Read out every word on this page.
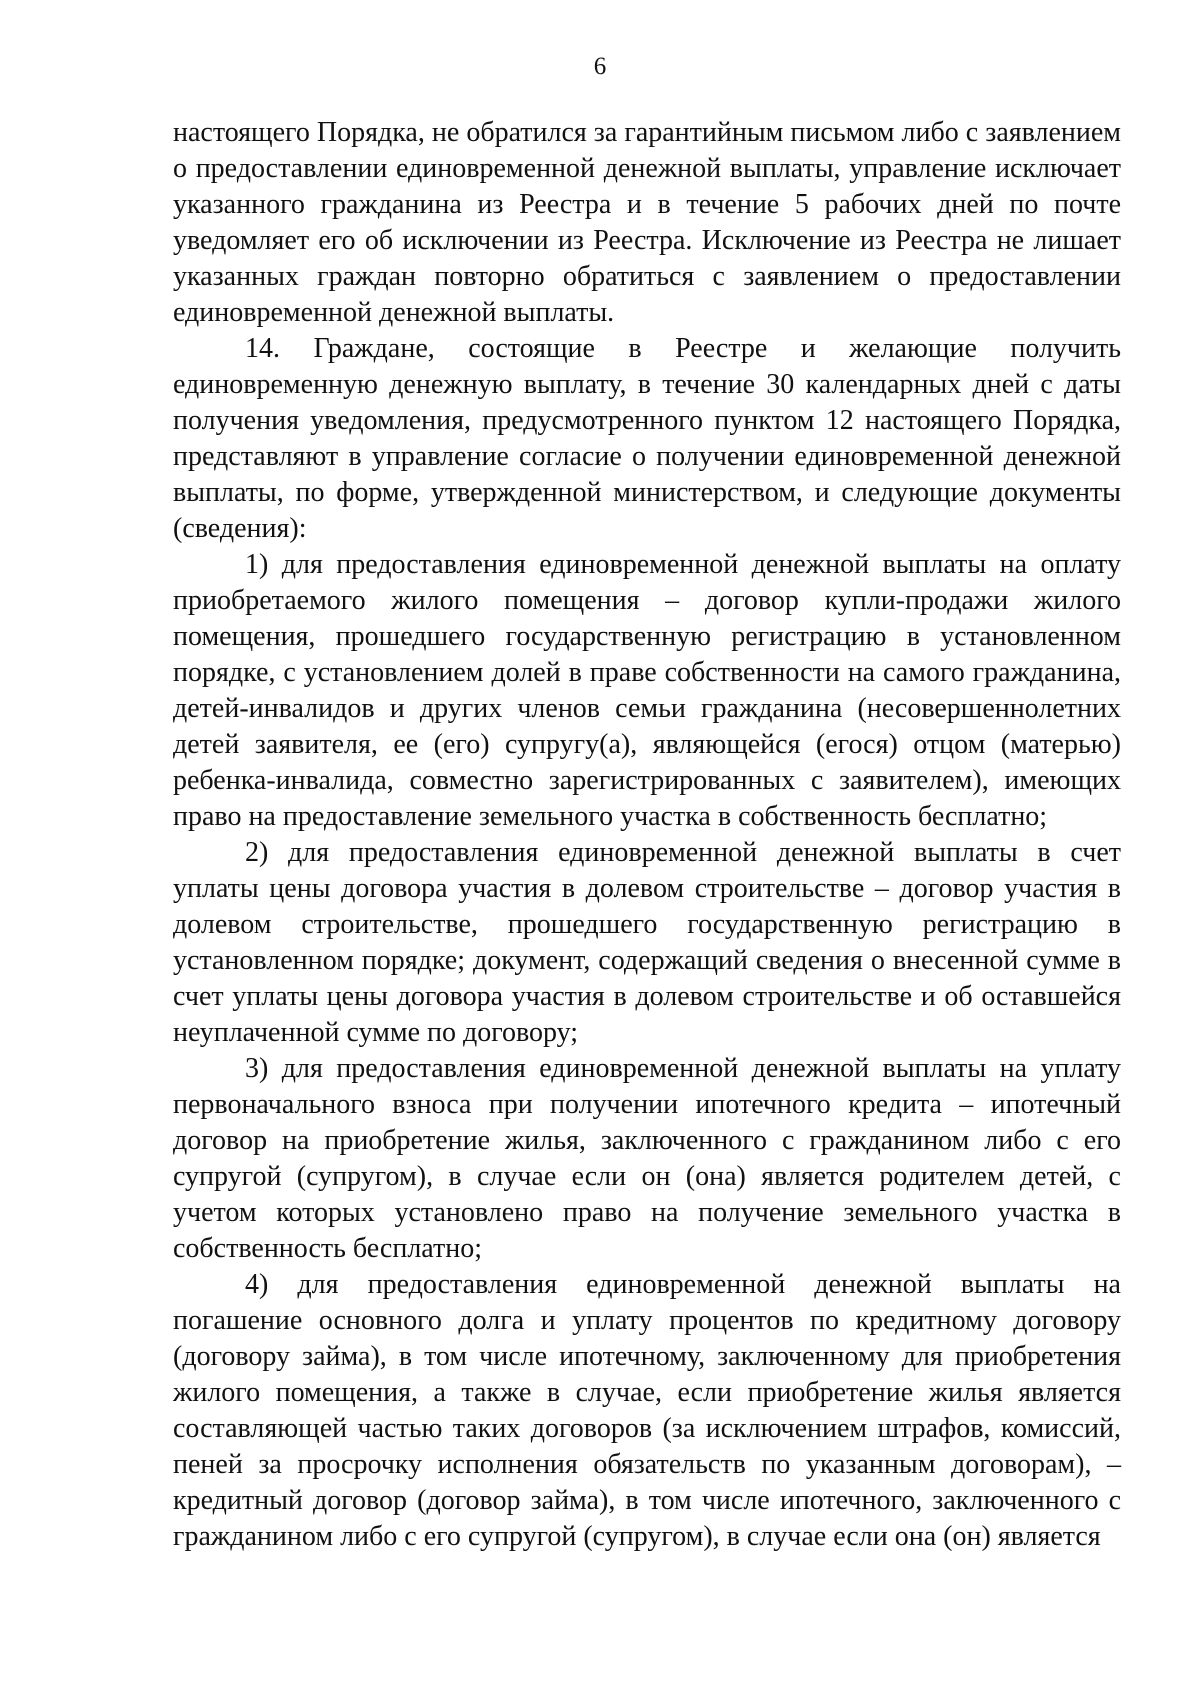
6

настоящего Порядка, не обратился за гарантийным письмом либо с заявлением о предоставлении единовременной денежной выплаты, управление исключает указанного гражданина из Реестра и в течение 5 рабочих дней по почте уведомляет его об исключении из Реестра. Исключение из Реестра не лишает указанных граждан повторно обратиться с заявлением о предоставлении единовременной денежной выплаты.

14. Граждане, состоящие в Реестре и желающие получить единовременную денежную выплату, в течение 30 календарных дней с даты получения уведомления, предусмотренного пунктом 12 настоящего Порядка, представляют в управление согласие о получении единовременной денежной выплаты, по форме, утвержденной министерством, и следующие документы (сведения):

1) для предоставления единовременной денежной выплаты на оплату приобретаемого жилого помещения – договор купли-продажи жилого помещения, прошедшего государственную регистрацию в установленном порядке, с установлением долей в праве собственности на самого гражданина, детей-инвалидов и других членов семьи гражданина (несовершеннолетних детей заявителя, ее (его) супругу(а), являющейся (егося) отцом (матерью) ребенка-инвалида, совместно зарегистрированных с заявителем), имеющих право на предоставление земельного участка в собственность бесплатно;

2) для предоставления единовременной денежной выплаты в счет уплаты цены договора участия в долевом строительстве – договор участия в долевом строительстве, прошедшего государственную регистрацию в установленном порядке; документ, содержащий сведения о внесенной сумме в счет уплаты цены договора участия в долевом строительстве и об оставшейся неуплаченной сумме по договору;

3) для предоставления единовременной денежной выплаты на уплату первоначального взноса при получении ипотечного кредита – ипотечный договор на приобретение жилья, заключенного с гражданином либо с его супругой (супругом), в случае если он (она) является родителем детей, с учетом которых установлено право на получение земельного участка в собственность бесплатно;

4) для предоставления единовременной денежной выплаты на погашение основного долга и уплату процентов по кредитному договору (договору займа), в том числе ипотечному, заключенному для приобретения жилого помещения, а также в случае, если приобретение жилья является составляющей частью таких договоров (за исключением штрафов, комиссий, пеней за просрочку исполнения обязательств по указанным договорам), – кредитный договор (договор займа), в том числе ипотечного, заключенного с гражданином либо с его супругой (супругом), в случае если она (он) является
